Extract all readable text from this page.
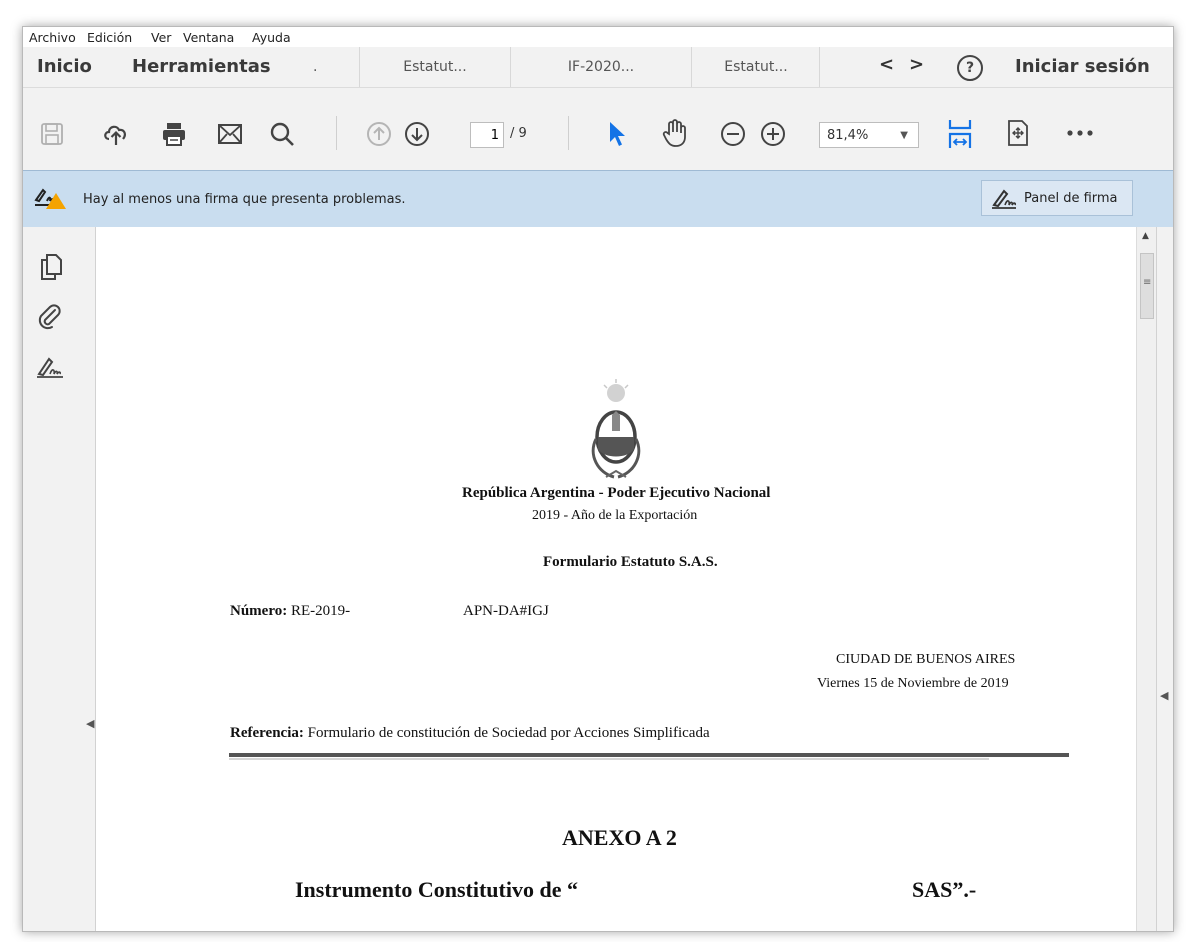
Archivo Edición Ver Ventana Ayuda
Inicio Herramientas	.	Estatut...	IF-2020...	Estatut...	< >	?	Iniciar sesión
1 / 9	81,4%	▼
Hay al menos una firma que presenta problemas.	Panel de firma
◀
República Argentina - Poder Ejecutivo Nacional
2019 - Año de la Exportación
Formulario Estatuto S.A.S.
Número: RE-2019-	APN-DA#IGJ
CIUDAD DE BUENOS AIRES
Viernes 15 de Noviembre de 2019
Referencia: Formulario de constitución de Sociedad por Acciones Simplificada
ANEXO A 2
Instrumento Constitutivo de “	SAS”.-
▲
≡
◀
